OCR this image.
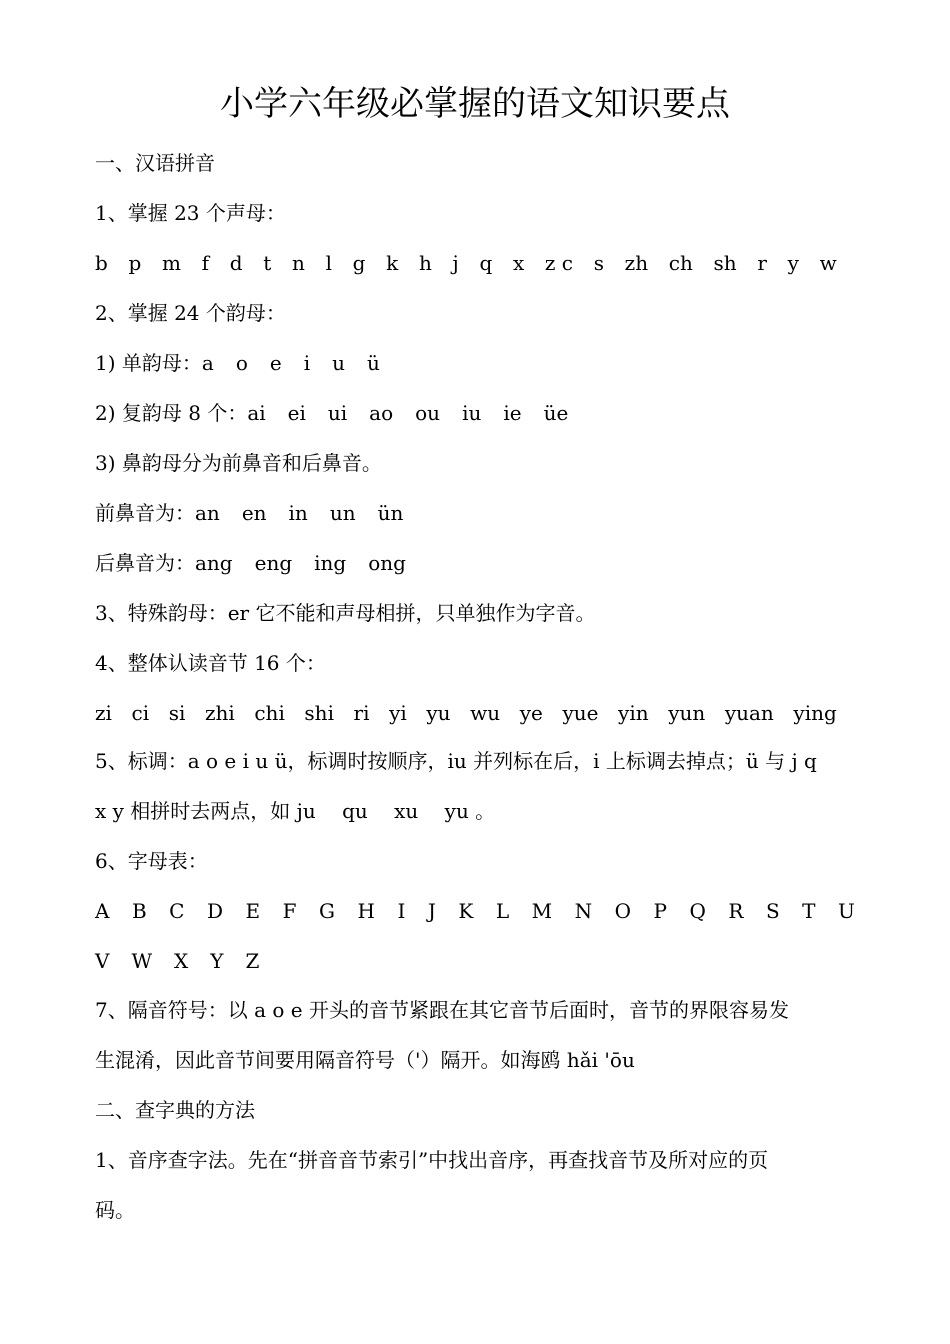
小学六年级必掌握的语文知识要点
一、汉语拼音
1、掌握 23 个声母：
b p m f d t n l g k h j q x z c s zh ch sh r y w
2、掌握 24 个韵母：
1) 单韵母： a o e i u ü
2) 复韵母 8 个： ai ei ui ao ou iu ie üe
3) 鼻韵母分为前鼻音和后鼻音。
前鼻音为： an en in un ün
后鼻音为： ang eng ing ong
3、特殊韵母：er 它不能和声母相拼，只单独作为字音。
4、整体认读音节 16 个：
zi ci si zhi chi shi ri yi yu wu ye yue yin yun yuan ying
5、标调：a o e i u ü，标调时按顺序，iu 并列标在后，i 上标调去掉点；ü 与 j q
x y 相拼时去两点，如 ju　 qu　 xu　 yu 。
6、字母表：
A B C D E F G H I J K L M N O P Q R S T U
V W X Y Z
7、隔音符号：以 a o e 开头的音节紧跟在其它音节后面时，音节的界限容易发
生混淆，因此音节间要用隔音符号（'）隔开。如海鸥 hǎi 'ōu
二、查字典的方法
1、音序查字法。先在“拼音音节索引”中找出音序，再查找音节及所对应的页
码。
